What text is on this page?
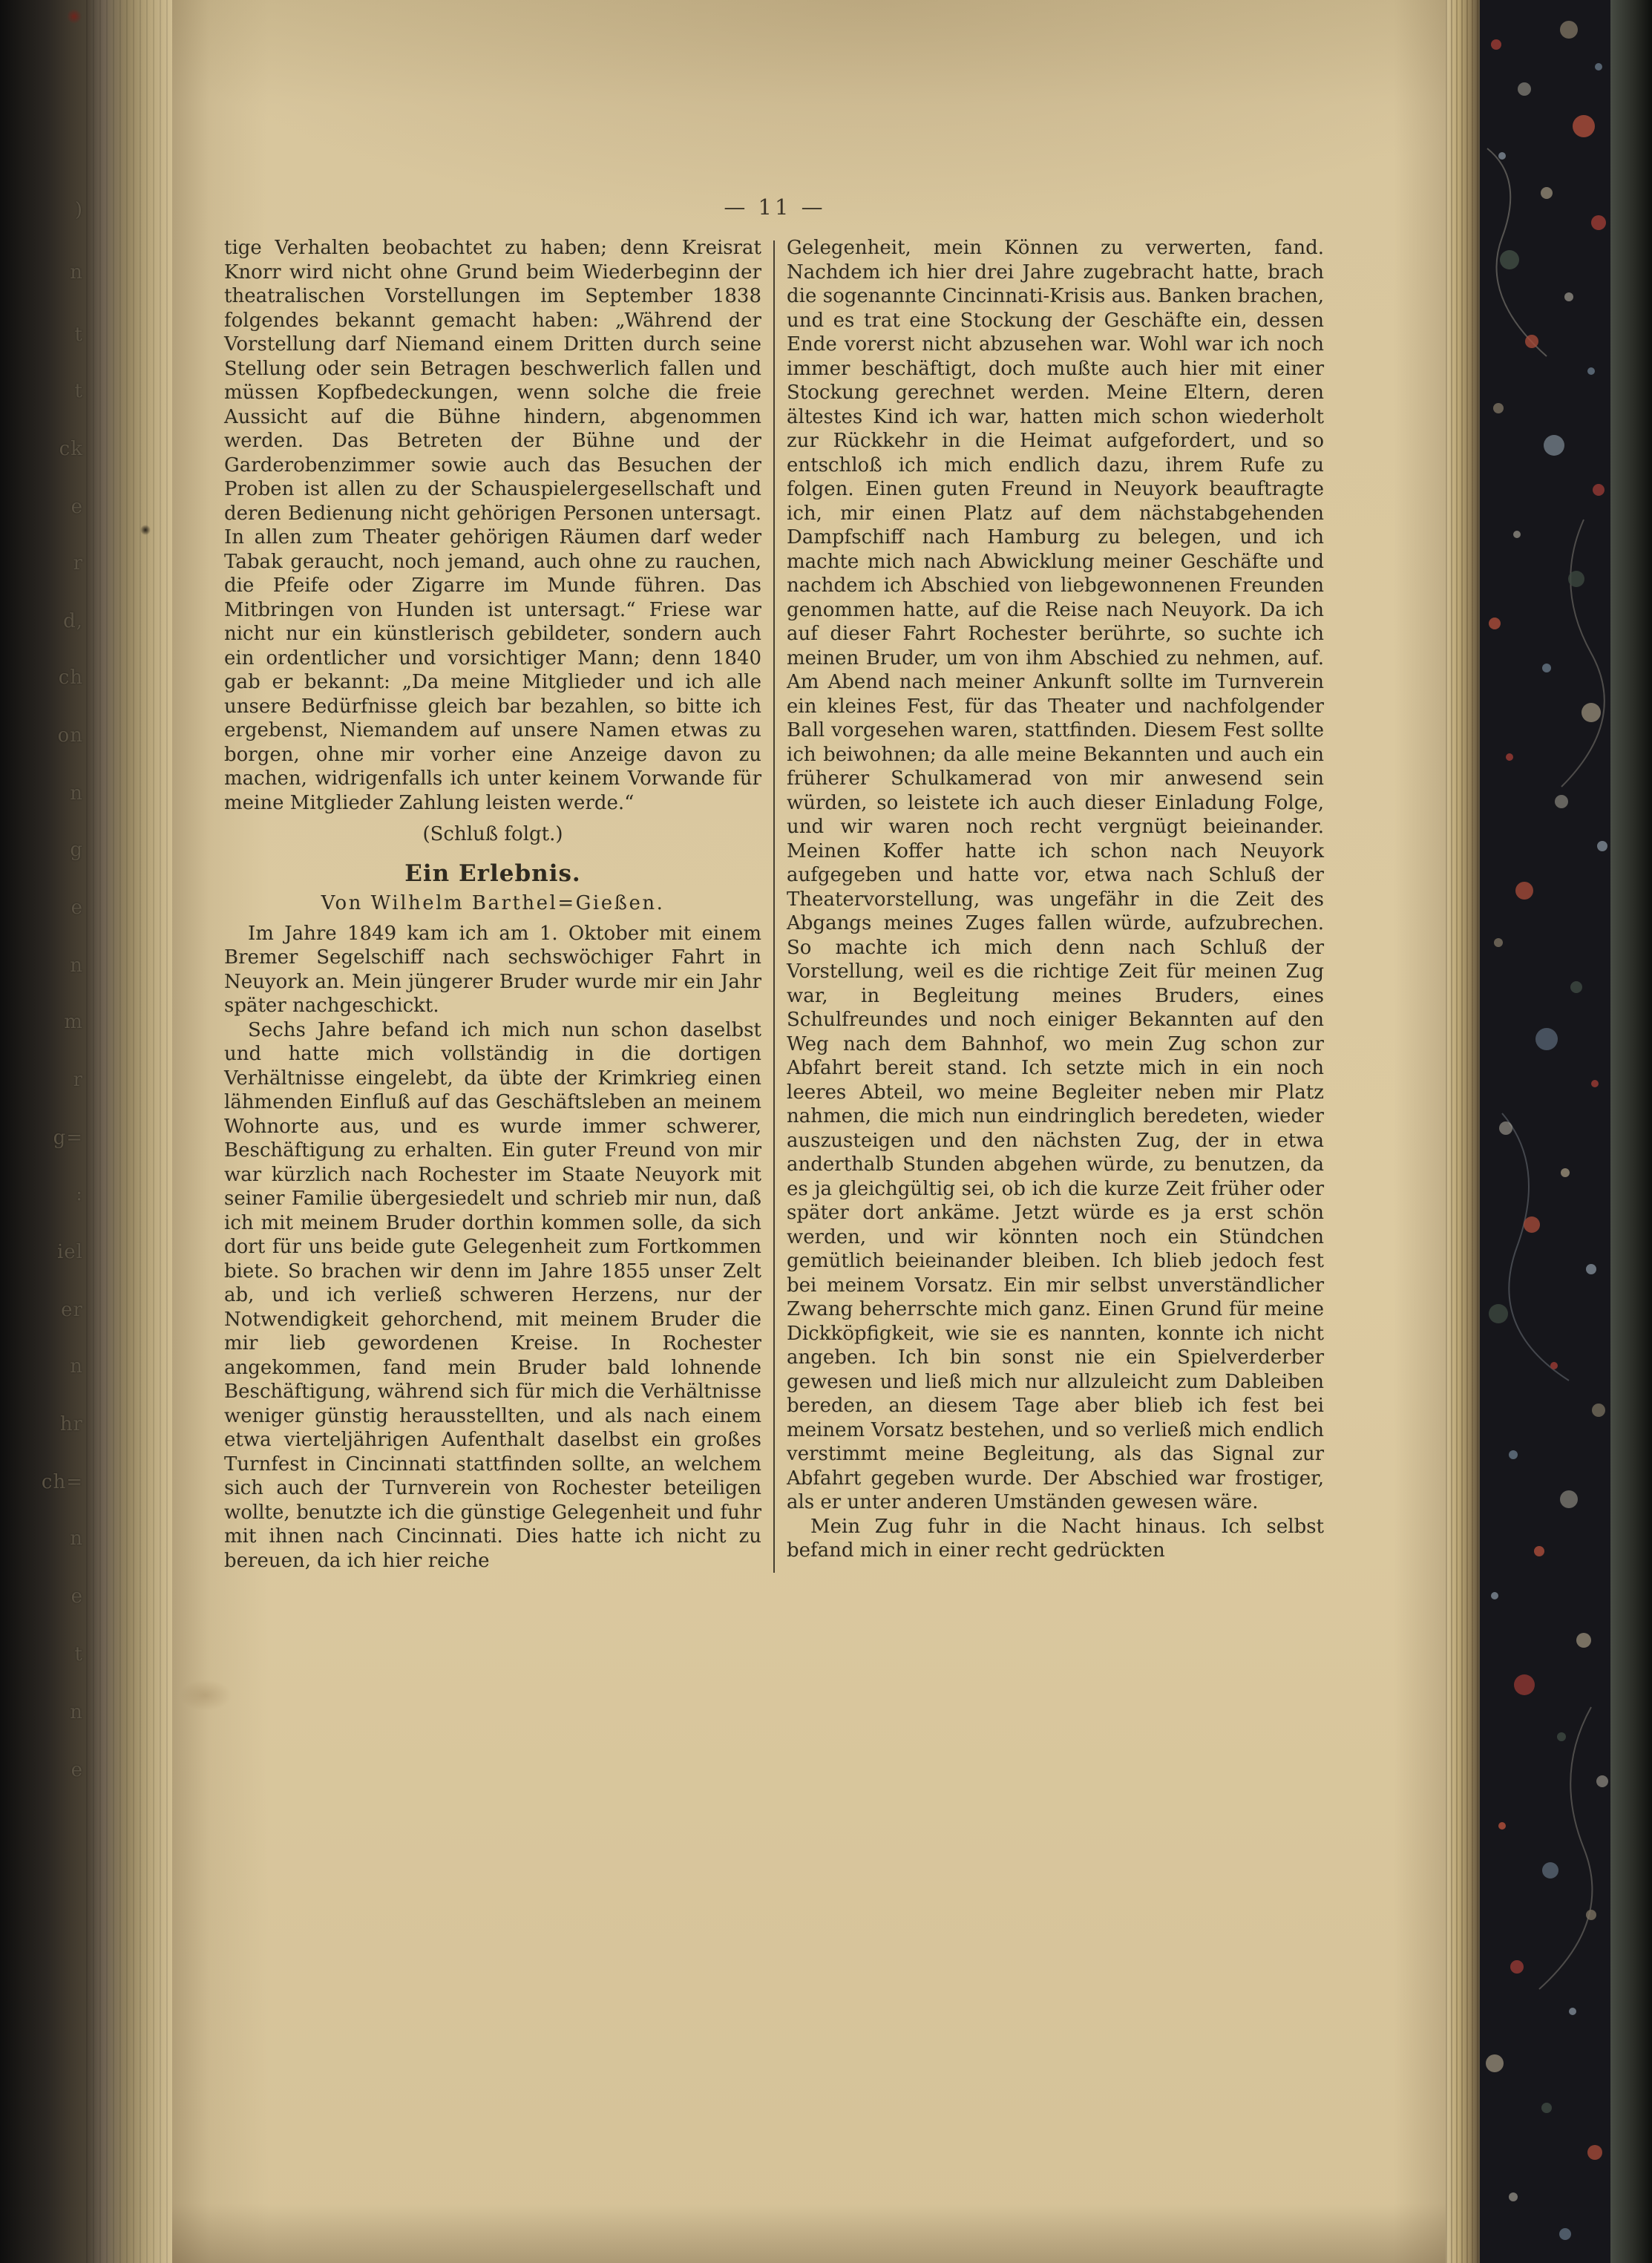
)
n
t
t
ck
e
r
d,
ch
on
n
g
e
n
m
r
g=
:
iel
er
n
hr
ch=
n
e
t
n
e
— 11 —

tige Verhalten beobachtet zu haben; denn Kreisrat Knorr wird nicht ohne Grund beim Wiederbeginn der theatralischen Vorstellungen im September 1838 folgendes bekannt gemacht haben: „Während der Vorstellung darf Niemand einem Dritten durch seine Stellung oder sein Betragen beschwerlich fallen und müssen Kopfbedeckungen, wenn solche die freie Aussicht auf die Bühne hindern, abgenommen werden. Das Betreten der Bühne und der Garderobenzimmer sowie auch das Besuchen der Proben ist allen zu der Schauspielergesellschaft und deren Bedienung nicht gehörigen Personen untersagt. In allen zum Theater gehörigen Räumen darf weder Tabak geraucht, noch jemand, auch ohne zu rauchen, die Pfeife oder Zigarre im Munde führen. Das Mitbringen von Hunden ist untersagt.“ Friese war nicht nur ein künstlerisch gebildeter, sondern auch ein ordentlicher und vorsichtiger Mann; denn 1840 gab er bekannt: „Da meine Mitglieder und ich alle unsere Bedürfnisse gleich bar bezahlen, so bitte ich ergebenst, Niemandem auf unsere Namen etwas zu borgen, ohne mir vorher eine Anzeige davon zu machen, widrigenfalls ich unter keinem Vorwande für meine Mitglieder Zahlung leisten werde.“

(Schluß folgt.)

Ein Erlebnis.

Von Wilhelm Barthel=Gießen.

Im Jahre 1849 kam ich am 1. Oktober mit einem Bremer Segelschiff nach sechswöchiger Fahrt in Neuyork an. Mein jüngerer Bruder wurde mir ein Jahr später nachgeschickt.

Sechs Jahre befand ich mich nun schon daselbst und hatte mich vollständig in die dortigen Verhältnisse eingelebt, da übte der Krimkrieg einen lähmenden Einfluß auf das Geschäftsleben an meinem Wohnorte aus, und es wurde immer schwerer, Beschäftigung zu erhalten. Ein guter Freund von mir war kürzlich nach Rochester im Staate Neuyork mit seiner Familie übergesiedelt und schrieb mir nun, daß ich mit meinem Bruder dorthin kommen solle, da sich dort für uns beide gute Gelegenheit zum Fortkommen biete. So brachen wir denn im Jahre 1855 unser Zelt ab, und ich verließ schweren Herzens, nur der Notwendigkeit gehorchend, mit meinem Bruder die mir lieb gewordenen Kreise. In Rochester angekommen, fand mein Bruder bald lohnende Beschäftigung, während sich für mich die Verhältnisse weniger günstig herausstellten, und als nach einem etwa vierteljährigen Aufenthalt daselbst ein großes Turnfest in Cincinnati stattfinden sollte, an welchem sich auch der Turnverein von Rochester beteiligen wollte, benutzte ich die günstige Gelegenheit und fuhr mit ihnen nach Cincinnati. Dies hatte ich nicht zu bereuen, da ich hier reiche

Gelegenheit, mein Können zu verwerten, fand. Nachdem ich hier drei Jahre zugebracht hatte, brach die sogenannte Cincinnati-Krisis aus. Banken brachen, und es trat eine Stockung der Geschäfte ein, dessen Ende vorerst nicht abzusehen war. Wohl war ich noch immer beschäftigt, doch mußte auch hier mit einer Stockung gerechnet werden. Meine Eltern, deren ältestes Kind ich war, hatten mich schon wiederholt zur Rückkehr in die Heimat aufgefordert, und so entschloß ich mich endlich dazu, ihrem Rufe zu folgen. Einen guten Freund in Neuyork beauftragte ich, mir einen Platz auf dem nächstabgehenden Dampfschiff nach Hamburg zu belegen, und ich machte mich nach Abwicklung meiner Geschäfte und nachdem ich Abschied von liebgewonnenen Freunden genommen hatte, auf die Reise nach Neuyork. Da ich auf dieser Fahrt Rochester berührte, so suchte ich meinen Bruder, um von ihm Abschied zu nehmen, auf. Am Abend nach meiner Ankunft sollte im Turnverein ein kleines Fest, für das Theater und nachfolgender Ball vorgesehen waren, stattfinden. Diesem Fest sollte ich beiwohnen; da alle meine Bekannten und auch ein früherer Schulkamerad von mir anwesend sein würden, so leistete ich auch dieser Einladung Folge, und wir waren noch recht vergnügt beieinander. Meinen Koffer hatte ich schon nach Neuyork aufgegeben und hatte vor, etwa nach Schluß der Theatervorstellung, was ungefähr in die Zeit des Abgangs meines Zuges fallen würde, aufzubrechen. So machte ich mich denn nach Schluß der Vorstellung, weil es die richtige Zeit für meinen Zug war, in Begleitung meines Bruders, eines Schulfreundes und noch einiger Bekannten auf den Weg nach dem Bahnhof, wo mein Zug schon zur Abfahrt bereit stand. Ich setzte mich in ein noch leeres Abteil, wo meine Begleiter neben mir Platz nahmen, die mich nun eindringlich beredeten, wieder auszusteigen und den nächsten Zug, der in etwa anderthalb Stunden abgehen würde, zu benutzen, da es ja gleichgültig sei, ob ich die kurze Zeit früher oder später dort ankäme. Jetzt würde es ja erst schön werden, und wir könnten noch ein Stündchen gemütlich beieinander bleiben. Ich blieb jedoch fest bei meinem Vorsatz. Ein mir selbst unverständlicher Zwang beherrschte mich ganz. Einen Grund für meine Dickköpfigkeit, wie sie es nannten, konnte ich nicht angeben. Ich bin sonst nie ein Spielverderber gewesen und ließ mich nur allzuleicht zum Dableiben bereden, an diesem Tage aber blieb ich fest bei meinem Vorsatz bestehen, und so verließ mich endlich verstimmt meine Begleitung, als das Signal zur Abfahrt gegeben wurde. Der Abschied war frostiger, als er unter anderen Umständen gewesen wäre.

Mein Zug fuhr in die Nacht hinaus. Ich selbst befand mich in einer recht gedrückten
